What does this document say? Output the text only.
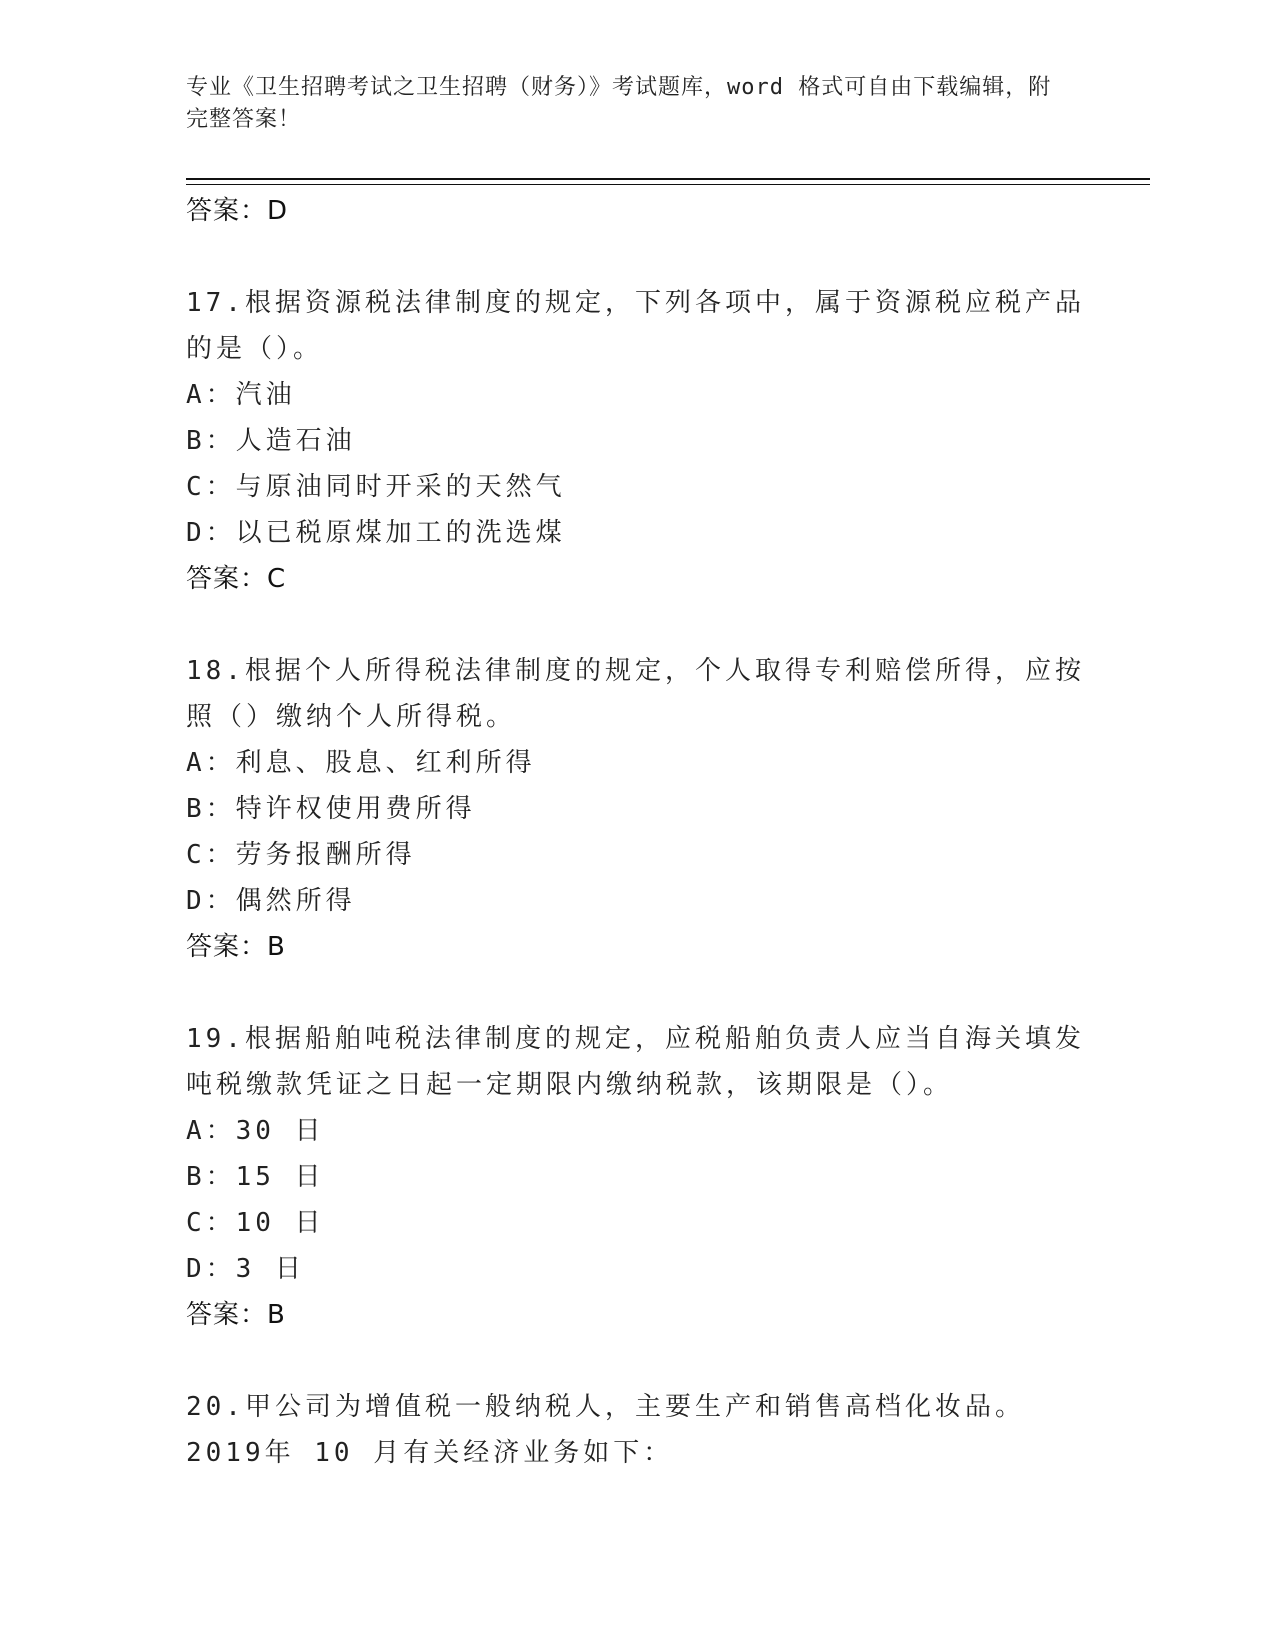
专业《卫生招聘考试之卫生招聘（财务）》考试题库，word 格式可自由下载编辑，附完整答案！
答案：D
17.根据资源税法律制度的规定，下列各项中，属于资源税应税产品的是（）。
A：汽油
B：人造石油
C：与原油同时开采的天然气
D：以已税原煤加工的洗选煤
答案：C
18.根据个人所得税法律制度的规定，个人取得专利赔偿所得，应按照（）缴纳个人所得税。
A：利息、股息、红利所得
B：特许权使用费所得
C：劳务报酬所得
D：偶然所得
答案：B
19.根据船舶吨税法律制度的规定，应税船舶负责人应当自海关填发吨税缴款凭证之日起一定期限内缴纳税款，该期限是（）。
A：30 日
B：15 日
C：10 日
D：3 日
答案：B
20.甲公司为增值税一般纳税人，主要生产和销售高档化妆品。2019年 10 月有关经济业务如下：
